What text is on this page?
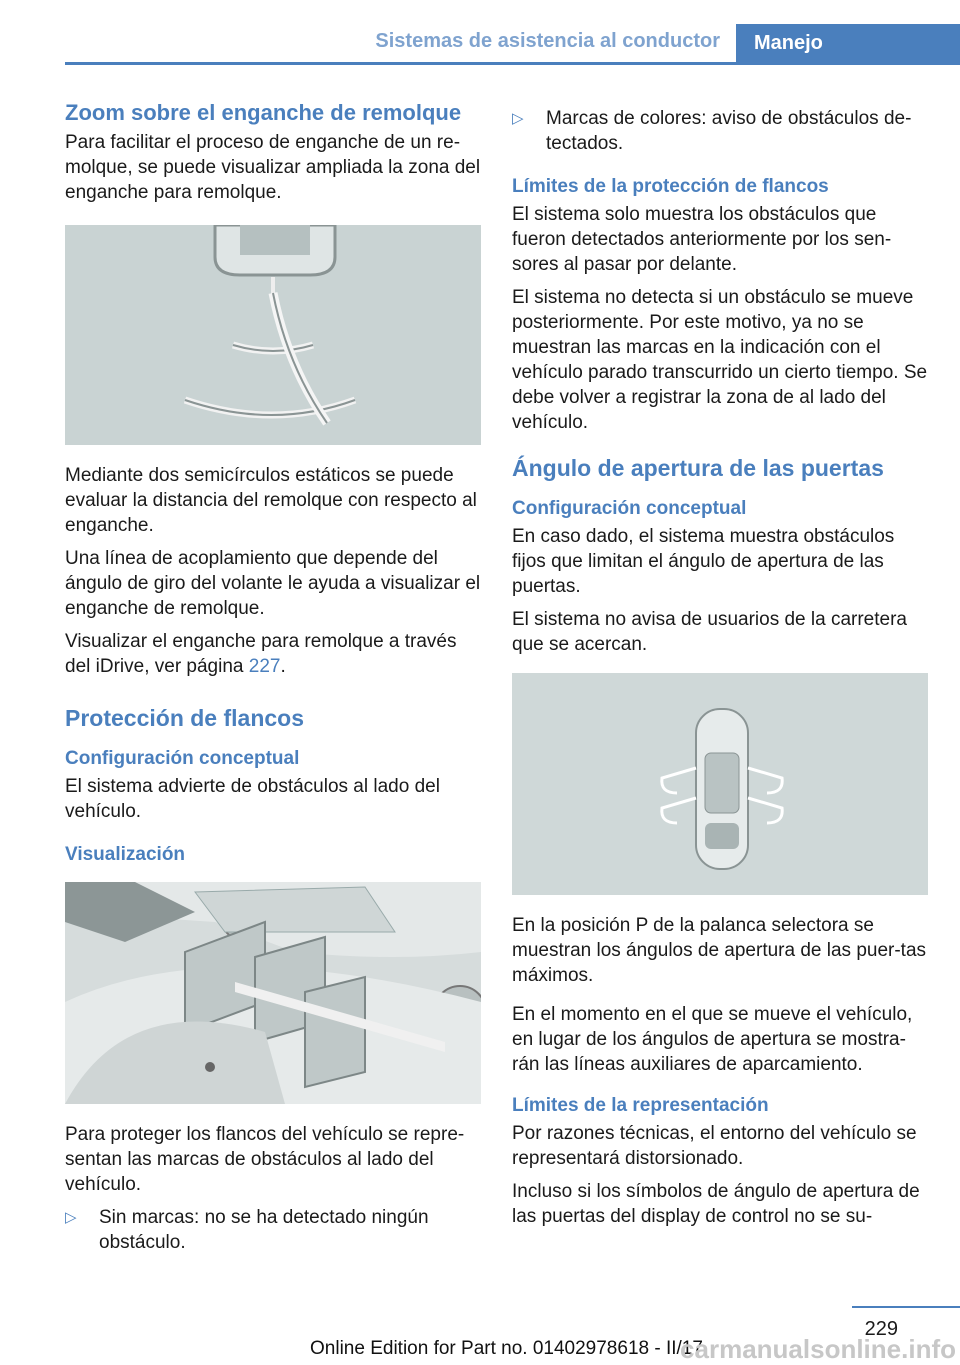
Sistemas de asistencia al conductor	Manejo
Zoom sobre el enganche de remolque

Para facilitar el proceso de enganche de un re-molque, se puede visualizar ampliada la zona del enganche para remolque.

Mediante dos semicírculos estáticos se puede evaluar la distancia del remolque con respecto al enganche.

Una línea de acoplamiento que depende del ángulo de giro del volante le ayuda a visualizar el enganche de remolque.

Visualizar el enganche para remolque a través del iDrive, ver página 227.

Protección de flancos
Configuración conceptual

El sistema advierte de obstáculos al lado del vehículo.

Visualización

Para proteger los flancos del vehículo se repre-sentan las marcas de obstáculos al lado del vehículo.

▷	Sin marcas: no se ha detectado ningún obstáculo.
▷	Marcas de colores: aviso de obstáculos de-tectados.
Límites de la protección de flancos

El sistema solo muestra los obstáculos que fueron detectados anteriormente por los sen-sores al pasar por delante.

El sistema no detecta si un obstáculo se mueve posteriormente. Por este motivo, ya no se muestran las marcas en la indicación con el vehículo parado transcurrido un cierto tiempo. Se debe volver a registrar la zona de al lado del vehículo.

Ángulo de apertura de las puertas
Configuración conceptual

En caso dado, el sistema muestra obstáculos fijos que limitan el ángulo de apertura de las puertas.

El sistema no avisa de usuarios de la carretera que se acercan.

En la posición P de la palanca selectora se muestran los ángulos de apertura de las puer-tas máximos.

En el momento en el que se mueve el vehículo, en lugar de los ángulos de apertura se mostra-rán las líneas auxiliares de aparcamiento.

Límites de la representación

Por razones técnicas, el entorno del vehículo se representará distorsionado.

Incluso si los símbolos de ángulo de apertura de las puertas del display de control no se su-

229
Online Edition for Part no. 01402978618 - II/17
carmanualsonline.info
